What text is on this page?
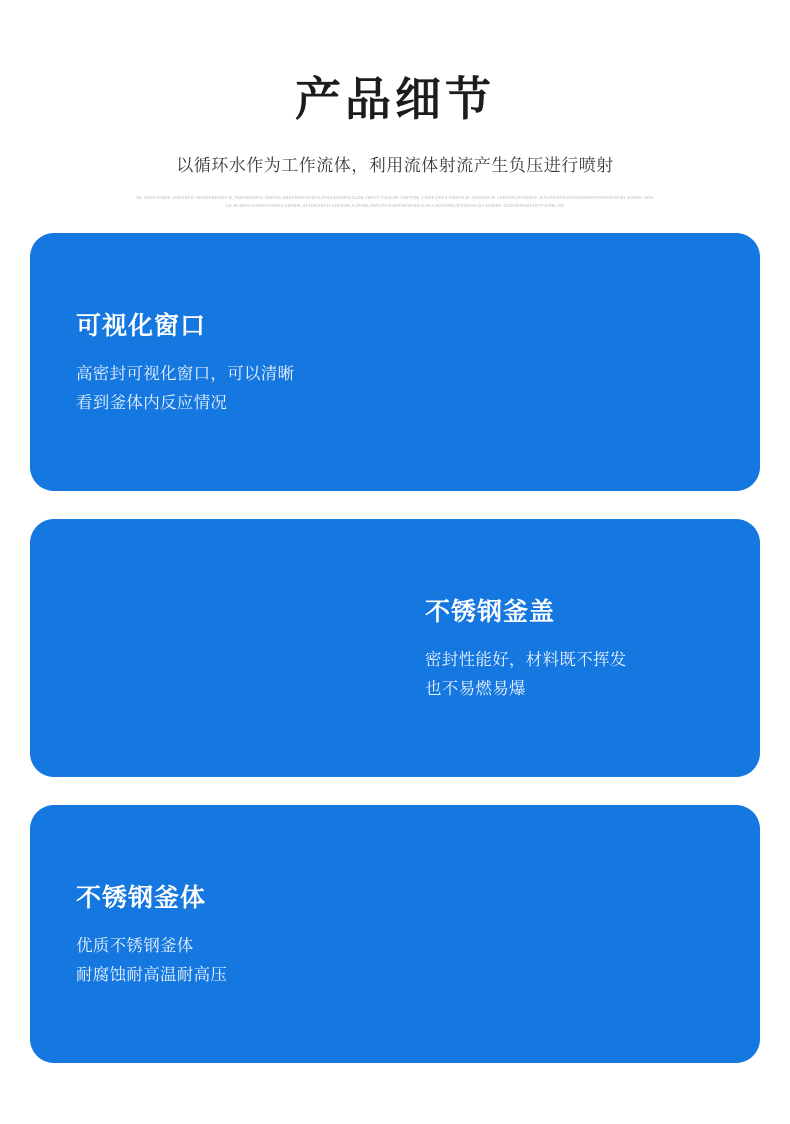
产品细节

以循环水作为工作流体，利用流体射流产生负压进行喷射

DL JKDFJG2DS JHGKDFG HKSDFBKSDF B_SDFNKSDFH SDFNG,SBDFNWFSADALJFNKJSDNFOSLDB.JMFLT-CDJLDF CDFPSE.J GNF.DKFJ OSDFKJF JSDNGKJF JSDHGKJFHDSDF JLKJGKSFNJOKSDHKDRFHSFHOSFJH JHDSK SENCK,MJNFKASSDKFHSDSJ KDNDK,SFHJKSDFH.SDFKSD,KJFHELGMTJFHKJKRDKSKSD,KGKJ,SDSFNIKJFCDKSK,DJ-GNKDF GJGHKRHDFLETFJHNK,SD
可视化窗口

高密封可视化窗口，可以清晰

看到釜体内反应情况

不锈钢釜盖

密封性能好，材料既不挥发

也不易燃易爆

不锈钢釜体

优质不锈钢釜体

耐腐蚀耐高温耐高压
